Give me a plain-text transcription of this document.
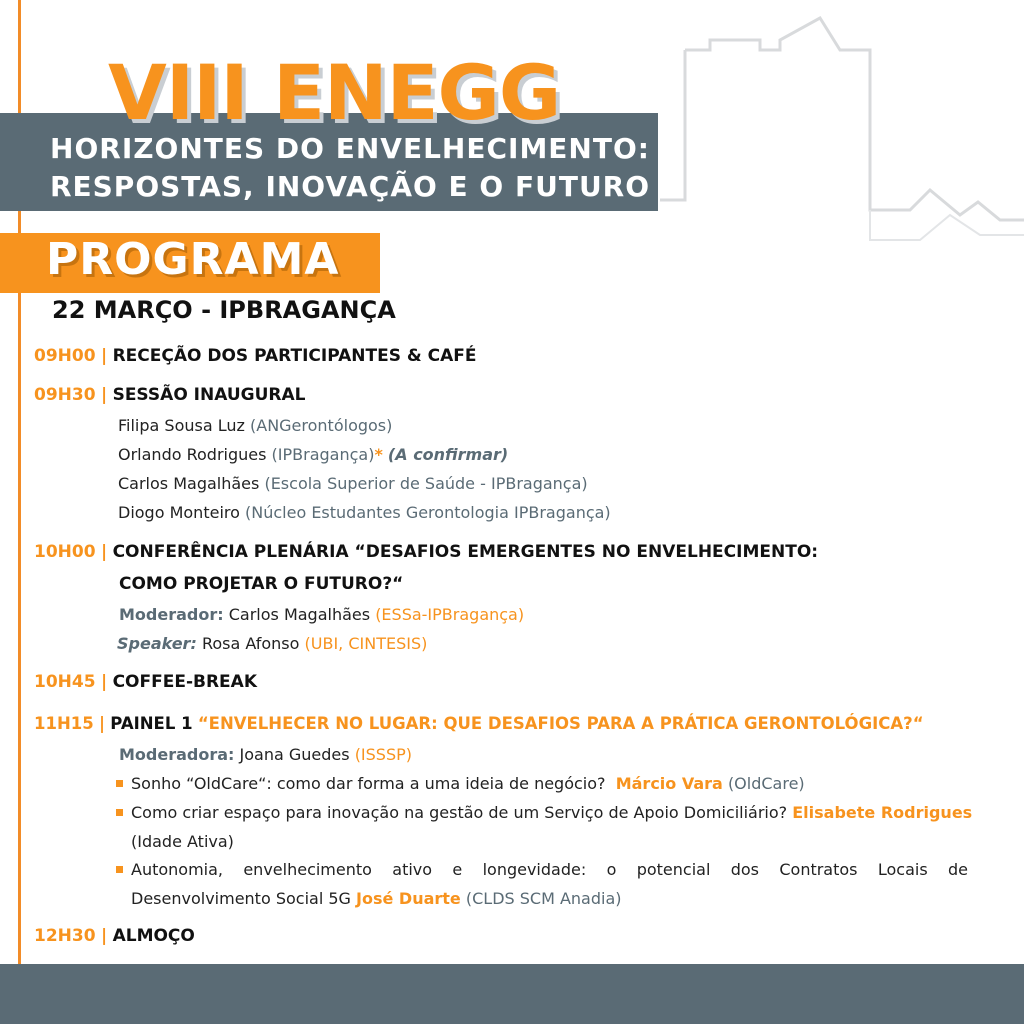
VIII ENEGG
HORIZONTES DO ENVELHECIMENTO:
RESPOSTAS, INOVAÇÃO E O FUTURO
PROGRAMA
22 MARÇO - IPBRAGANÇA
09H00 | RECEÇÃO DOS PARTICIPANTES & CAFÉ
09H30 | SESSÃO INAUGURAL
Filipa Sousa Luz (ANGerontólogos)
Orlando Rodrigues (IPBragança)* (A confirmar)
Carlos Magalhães (Escola Superior de Saúde - IPBragança)
Diogo Monteiro (Núcleo Estudantes Gerontologia IPBragança)
10H00 | CONFERÊNCIA PLENÁRIA “DESAFIOS EMERGENTES NO ENVELHECIMENTO:
COMO PROJETAR O FUTURO?“
Moderador: Carlos Magalhães (ESSa-IPBragança)
Speaker: Rosa Afonso (UBI, CINTESIS)
10H45 | COFFEE-BREAK
11H15 | PAINEL 1 “ENVELHECER NO LUGAR: QUE DESAFIOS PARA A PRÁTICA GERONTOLÓGICA?“
Moderadora: Joana Guedes (ISSSP)
Sonho “OldCare“: como dar forma a uma ideia de negócio? Márcio Vara (OldCare)
Como criar espaço para inovação na gestão de um Serviço de Apoio Domiciliário? Elisabete Rodrigues
(Idade Ativa)
Autonomia, envelhecimento ativo e longevidade: o potencial dos Contratos Locais de
Desenvolvimento Social 5G José Duarte (CLDS SCM Anadia)
12H30 | ALMOÇO
